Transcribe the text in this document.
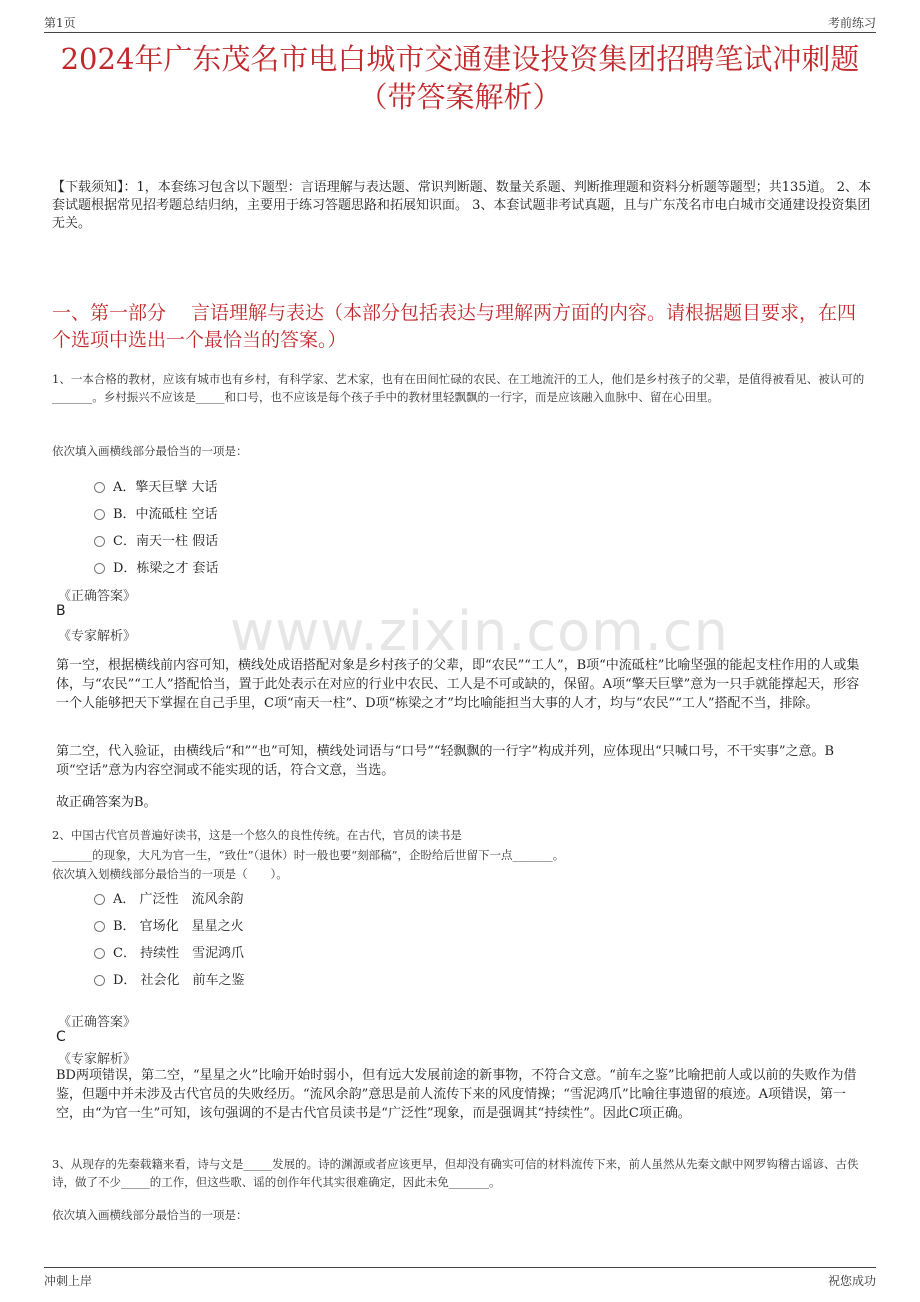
第1页	考前练习
2024年广东茂名市电白城市交通建设投资集团招聘笔试冲刺题
（带答案解析）
【下载须知】：1，本套练习包含以下题型：言语理解与表达题、常识判断题、数量关系题、判断推理题和资料分析题等题型；共135道。 2、本套试题根据常见招考题总结归纳，主要用于练习答题思路和拓展知识面。 3、本套试题非考试真题，且与广东茂名市电白城市交通建设投资集团无关。
一、第一部分　 言语理解与表达（本部分包括表达与理解两方面的内容。请根据题目要求，在四个选项中选出一个最恰当的答案。）
1、一本合格的教材，应该有城市也有乡村，有科学家、艺术家，也有在田间忙碌的农民、在工地流汗的工人，他们是乡村孩子的父辈，是值得被看见、被认可的_______。乡村振兴不应该是_____和口号，也不应该是每个孩子手中的教材里轻飘飘的一行字，而是应该融入血脉中、留在心田里。
依次填入画横线部分最恰当的一项是：
A．擎天巨擘 大话
B．中流砥柱 空话
C．南天一柱 假话
D．栋梁之才 套话
《正确答案》
B
《专家解析》
第一空，根据横线前内容可知，横线处成语搭配对象是乡村孩子的父辈，即“农民”“工人”，B项“中流砥柱”比喻坚强的能起支柱作用的人或集体，与“农民”“工人”搭配恰当，置于此处表示在对应的行业中农民、工人是不可或缺的，保留。A项“擎天巨擘”意为一只手就能撑起天，形容一个人能够把天下掌握在自己手里，C项“南天一柱”、D项“栋梁之才”均比喻能担当大事的人才，均与“农民”“工人”搭配不当，排除。
第二空，代入验证，由横线后“和”“也”可知，横线处词语与“口号”“轻飘飘的一行字”构成并列，应体现出“只喊口号，不干实事”之意。B项“空话”意为内容空洞或不能实现的话，符合文意，当选。
故正确答案为B。
www.zixin.com.cn
2、中国古代官员普遍好读书，这是一个悠久的良性传统。在古代，官员的读书是
_______的现象，大凡为官一生，“致仕”（退休）时一般也要“刻部稿”，企盼给后世留下一点_______。
依次填入划横线部分最恰当的一项是（　　）。
A． 广泛性　流风余韵
B． 官场化　星星之火
C． 持续性　雪泥鸿爪
D． 社会化　前车之鉴
《正确答案》
C
《专家解析》
BD两项错误，第二空，“星星之火”比喻开始时弱小，但有远大发展前途的新事物，不符合文意。“前车之鉴”比喻把前人或以前的失败作为借鉴，但题中并未涉及古代官员的失败经历。“流风余韵”意思是前人流传下来的风度情操；“雪泥鸿爪”比喻往事遗留的痕迹。A项错误，第一空，由“为官一生”可知，该句强调的不是古代官员读书是“广泛性”现象，而是强调其“持续性”。因此C项正确。
3、从现存的先秦载籍来看，诗与文是_____发展的。诗的渊源或者应该更早，但却没有确实可信的材料流传下来，前人虽然从先秦文献中网罗钩稽古谣谚、古佚诗，做了不少_____的工作，但这些歌、谣的创作年代其实很难确定，因此未免_______。
依次填入画横线部分最恰当的一项是：
冲刺上岸	祝您成功
